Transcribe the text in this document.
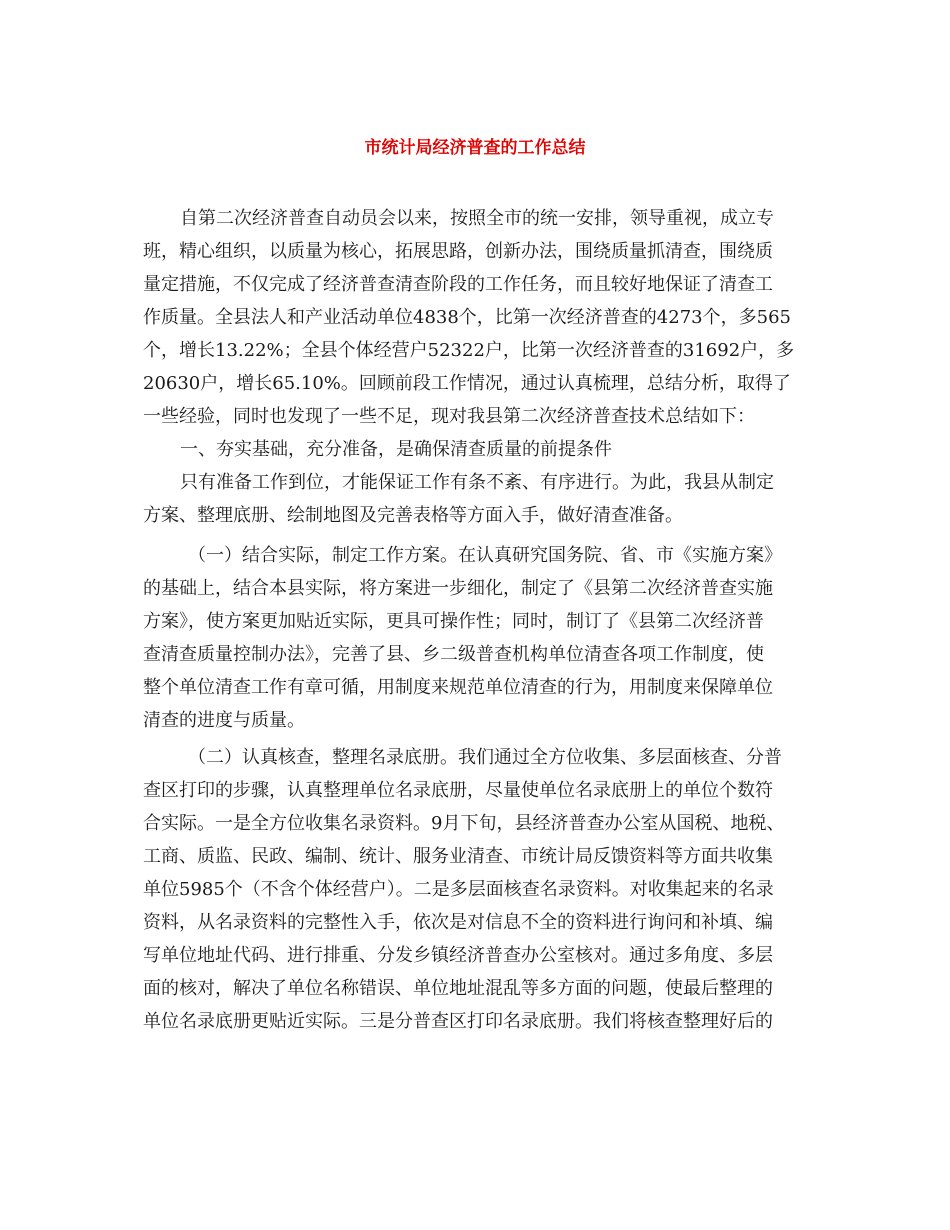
市统计局经济普查的工作总结

自第二次经济普查自动员会以来，按照全市的统一安排，领导重视，成立专

班，精心组织，以质量为核心，拓展思路，创新办法，围绕质量抓清查，围绕质

量定措施，不仅完成了经济普查清查阶段的工作任务，而且较好地保证了清查工

作质量。全县法人和产业活动单位4838个，比第一次经济普查的4273个，多565

个，增长13.22%；全县个体经营户52322户，比第一次经济普查的31692户，多

20630户，增长65.10%。回顾前段工作情况，通过认真梳理，总结分析，取得了

一些经验，同时也发现了一些不足，现对我县第二次经济普查技术总结如下：

一、夯实基础，充分准备，是确保清查质量的前提条件

只有准备工作到位，才能保证工作有条不紊、有序进行。为此，我县从制定

方案、整理底册、绘制地图及完善表格等方面入手，做好清查准备。

（一）结合实际，制定工作方案。在认真研究国务院、省、市《实施方案》

的基础上，结合本县实际，将方案进一步细化，制定了《县第二次经济普查实施

方案》，使方案更加贴近实际，更具可操作性；同时，制订了《县第二次经济普

查清查质量控制办法》，完善了县、乡二级普查机构单位清查各项工作制度，使

整个单位清查工作有章可循，用制度来规范单位清查的行为，用制度来保障单位

清查的进度与质量。

（二）认真核查，整理名录底册。我们通过全方位收集、多层面核查、分普

查区打印的步骤，认真整理单位名录底册，尽量使单位名录底册上的单位个数符

合实际。一是全方位收集名录资料。9月下旬，县经济普查办公室从国税、地税、

工商、质监、民政、编制、统计、服务业清查、市统计局反馈资料等方面共收集

单位5985个（不含个体经营户）。二是多层面核查名录资料。对收集起来的名录

资料，从名录资料的完整性入手，依次是对信息不全的资料进行询问和补填、编

写单位地址代码、进行排重、分发乡镇经济普查办公室核对。通过多角度、多层

面的核对，解决了单位名称错误、单位地址混乱等多方面的问题，使最后整理的

单位名录底册更贴近实际。三是分普查区打印名录底册。我们将核查整理好后的
